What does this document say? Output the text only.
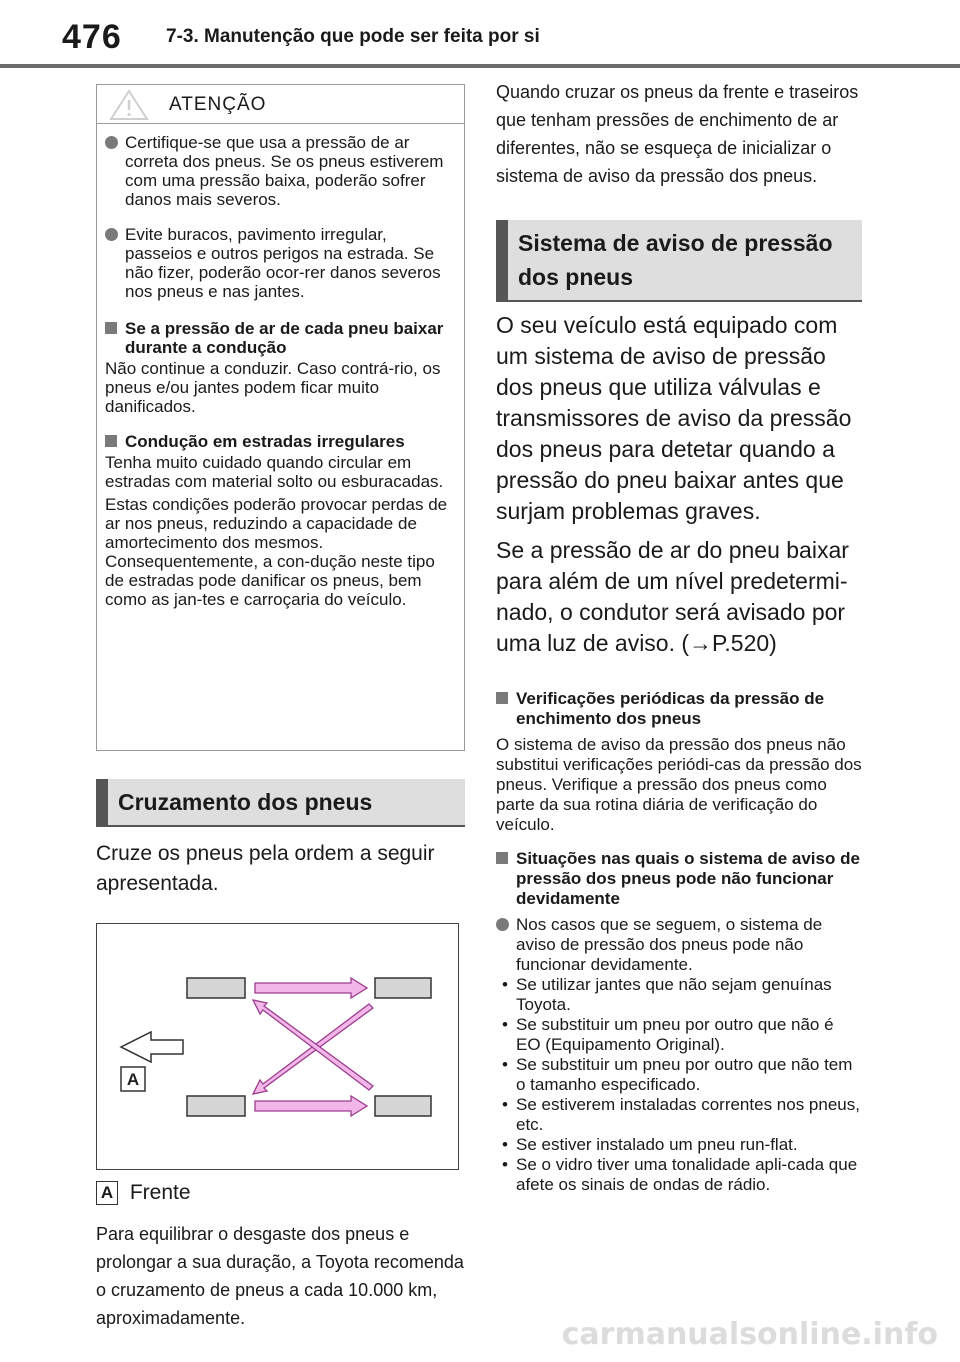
476 7-3. Manutenção que pode ser feita por si
ATENÇÃO
Certifique-se que usa a pressão de ar correta dos pneus. Se os pneus estiverem com uma pressão baixa, poderão sofrer danos mais severos.
Evite buracos, pavimento irregular, passeios e outros perigos na estrada. Se não fizer, poderão ocor-rer danos severos nos pneus e nas jantes.
Se a pressão de ar de cada pneu baixar durante a condução
Não continue a conduzir. Caso contrá-rio, os pneus e/ou jantes podem ficar muito danificados.
Condução em estradas irregulares
Tenha muito cuidado quando circular em estradas com material solto ou esburacadas.
Estas condições poderão provocar perdas de ar nos pneus, reduzindo a capacidade de amortecimento dos mesmos. Consequentemente, a con-dução neste tipo de estradas pode danificar os pneus, bem como as jan-tes e carroçaria do veículo.
Cruzamento dos pneus
Cruze os pneus pela ordem a seguir apresentada.
A
A Frente
Para equilibrar o desgaste dos pneus e prolongar a sua duração, a Toyota recomenda o cruzamento de pneus a cada 10.000 km, aproximadamente.
Quando cruzar os pneus da frente e traseiros que tenham pressões de enchimento de ar diferentes, não se esqueça de inicializar o sistema de aviso da pressão dos pneus.
Sistema de aviso de pressão dos pneus
O seu veículo está equipado com um sistema de aviso de pressão dos pneus que utiliza válvulas e transmissores de aviso da pressão dos pneus para detetar quando a pressão do pneu baixar antes que surjam problemas graves.
Se a pressão de ar do pneu baixar para além de um nível predetermi-nado, o condutor será avisado por uma luz de aviso. (→P.520)
Verificações periódicas da pressão de enchimento dos pneus
O sistema de aviso da pressão dos pneus não substitui verificações periódi-cas da pressão dos pneus. Verifique a pressão dos pneus como parte da sua rotina diária de verificação do veículo.
Situações nas quais o sistema de aviso de pressão dos pneus pode não funcionar devidamente
Nos casos que se seguem, o sistema de aviso de pressão dos pneus pode não funcionar devidamente.
• Se utilizar jantes que não sejam genuínas Toyota.
• Se substituir um pneu por outro que não é EO (Equipamento Original).
• Se substituir um pneu por outro que não tem o tamanho especificado.
• Se estiverem instaladas correntes nos pneus, etc.
• Se estiver instalado um pneu run-flat.
• Se o vidro tiver uma tonalidade apli-cada que afete os sinais de ondas de rádio.
carmanualsonline.info
